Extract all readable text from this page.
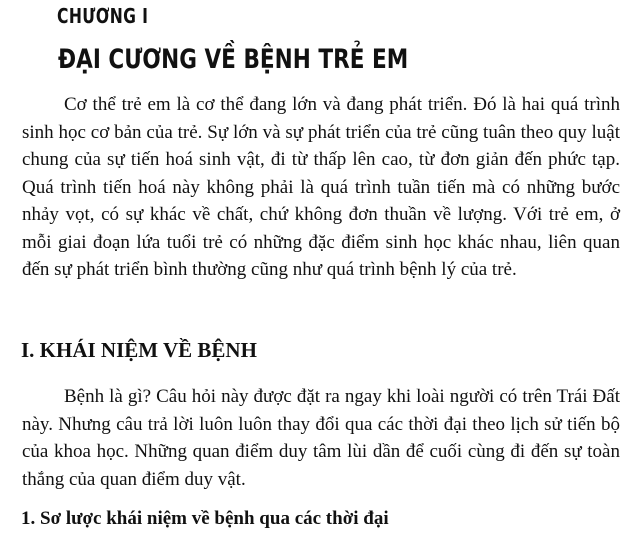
CHƯƠNG I
ĐẠI CƯƠNG VỀ BỆNH TRẺ EM

Cơ thể trẻ em là cơ thể đang lớn và đang phát triển. Đó là hai quá trình sinh học cơ bản của trẻ. Sự lớn và sự phát triển của trẻ cũng tuân theo quy luật chung của sự tiến hoá sinh vật, đi từ thấp lên cao, từ đơn giản đến phức tạp. Quá trình tiến hoá này không phải là quá trình tuần tiến mà có những bước nhảy vọt, có sự khác về chất, chứ không đơn thuần về lượng. Với trẻ em, ở mỗi giai đoạn lứa tuổi trẻ có những đặc điểm sinh học khác nhau, liên quan đến sự phát triển bình thường cũng như quá trình bệnh lý của trẻ.

I. KHÁI NIỆM VỀ BỆNH

Bệnh là gì? Câu hỏi này được đặt ra ngay khi loài người có trên Trái Đất này. Nhưng câu trả lời luôn luôn thay đổi qua các thời đại theo lịch sử tiến bộ của khoa học. Những quan điểm duy tâm lùi dần để cuối cùng đi đến sự toàn thắng của quan điểm duy vật.

1. Sơ lược khái niệm về bệnh qua các thời đại
